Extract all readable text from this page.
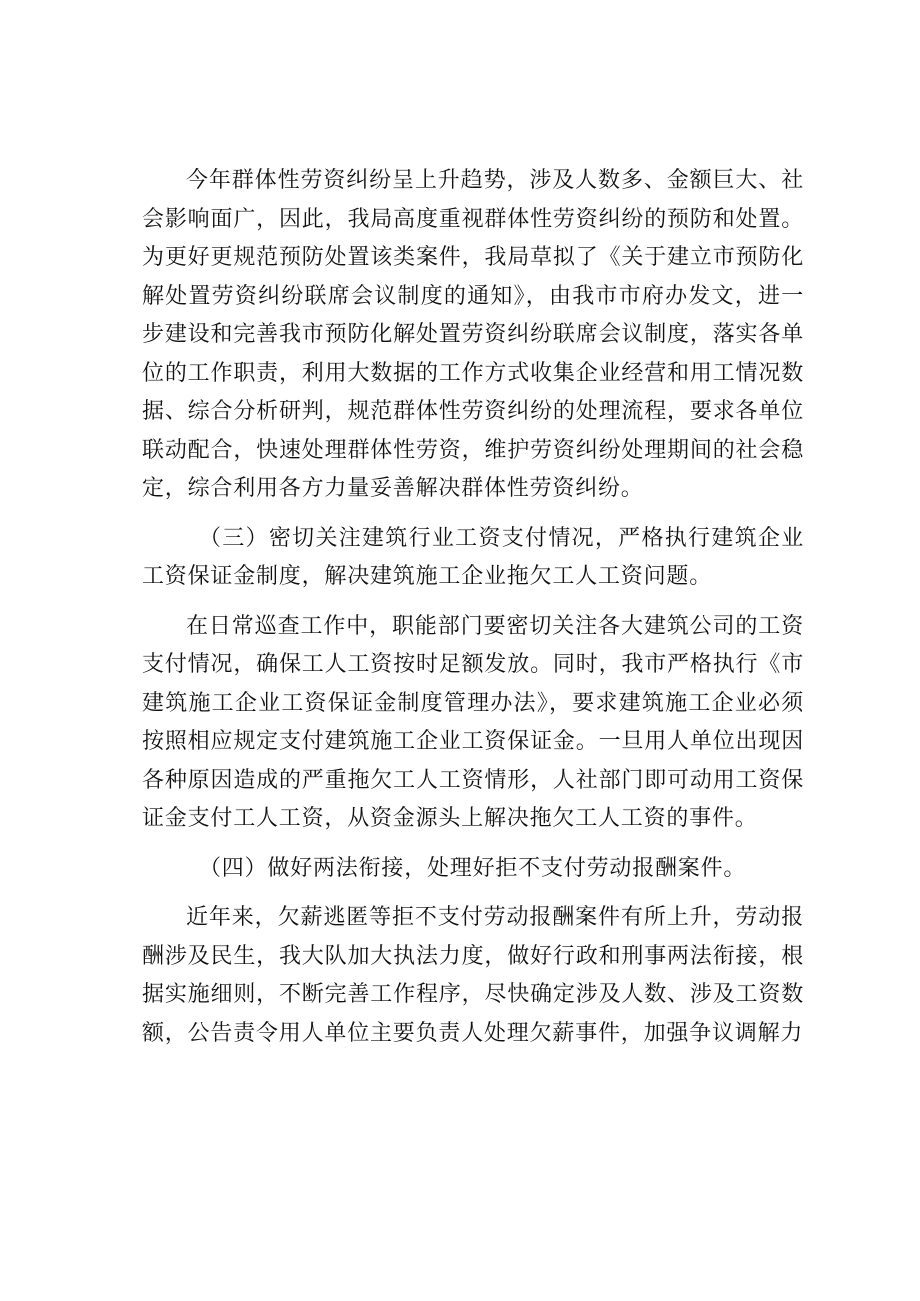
今年群体性劳资纠纷呈上升趋势，涉及人数多、金额巨大、社会影响面广，因此，我局高度重视群体性劳资纠纷的预防和处置。为更好更规范预防处置该类案件，我局草拟了《关于建立市预防化解处置劳资纠纷联席会议制度的通知》，由我市市府办发文，进一步建设和完善我市预防化解处置劳资纠纷联席会议制度，落实各单位的工作职责，利用大数据的工作方式收集企业经营和用工情况数据、综合分析研判，规范群体性劳资纠纷的处理流程，要求各单位联动配合，快速处理群体性劳资，维护劳资纠纷处理期间的社会稳定，综合利用各方力量妥善解决群体性劳资纠纷。

（三）密切关注建筑行业工资支付情况，严格执行建筑企业工资保证金制度，解决建筑施工企业拖欠工人工资问题。

在日常巡查工作中，职能部门要密切关注各大建筑公司的工资支付情况，确保工人工资按时足额发放。同时，我市严格执行《市建筑施工企业工资保证金制度管理办法》，要求建筑施工企业必须按照相应规定支付建筑施工企业工资保证金。一旦用人单位出现因各种原因造成的严重拖欠工人工资情形，人社部门即可动用工资保证金支付工人工资，从资金源头上解决拖欠工人工资的事件。

（四）做好两法衔接，处理好拒不支付劳动报酬案件。

近年来，欠薪逃匿等拒不支付劳动报酬案件有所上升，劳动报酬涉及民生，我大队加大执法力度，做好行政和刑事两法衔接，根据实施细则，不断完善工作程序，尽快确定涉及人数、涉及工资数额，公告责令用人单位主要负责人处理欠薪事件，加强争议调解力
